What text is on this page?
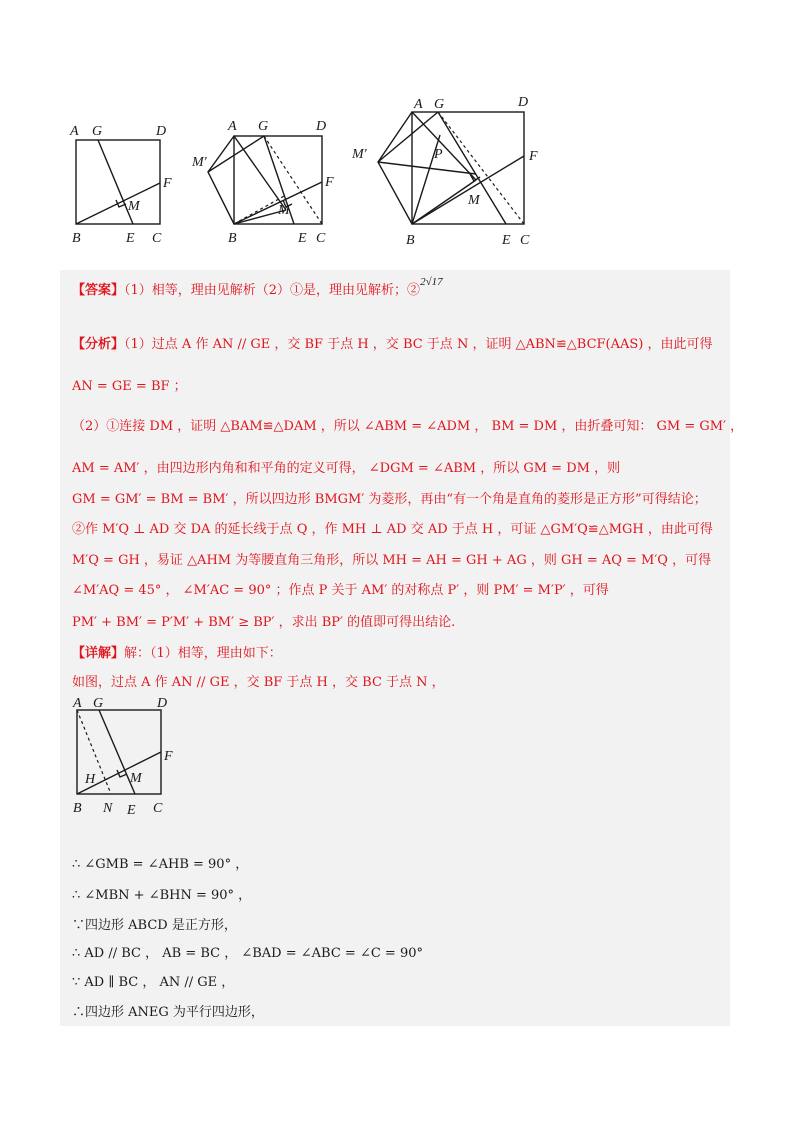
A G	D
F
M
B	E C
A G	D
M′
F
M
B	E C
A G	D
M′	P	F
M
B	E C
【答案】（1）相等，理由见解析（2）①是，理由见解析；②$^{2√17}$
【分析】（1）过点 A 作 AN // GE ，交 BF 于点 H ，交 BC 于点 N ，证明 △ABN≌△BCF(AAS) ，由此可得
AN = GE = BF ；
（2）①连接 DM ，证明 △BAM≌△DAM ，所以 ∠ABM = ∠ADM ， BM = DM ，由折叠可知： GM = GM′ ，
AM = AM′ ，由四边形内角和和平角的定义可得， ∠DGM = ∠ABM ，所以 GM = DM ，则
GM = GM′ = BM = BM′ ，所以四边形 BMGM′ 为菱形，再由“有一个角是直角的菱形是正方形”可得结论；
②作 M′Q ⊥ AD 交 DA 的延长线于点 Q ，作 MH ⊥ AD 交 AD 于点 H ，可证 △GM′Q≌△MGH ，由此可得
M′Q = GH ，易证 △AHM 为等腰直角三角形，所以 MH = AH = GH + AG ，则 GH = AQ = M′Q ，可得
∠M′AQ = 45° ， ∠M′AC = 90° ；作点 P 关于 AM′ 的对称点 P′ ，则 PM′ = M′P′ ，可得
PM′ + BM′ = P′M′ + BM′ ≥ BP′ ，求出 BP′ 的值即可得出结论.
【详解】解：（1）相等，理由如下：
如图，过点 A 作 AN // GE ，交 BF 于点 H ，交 BC 于点 N ，
A G	D
F
H M
B N E C
∴ ∠GMB = ∠AHB = 90° ，
∴ ∠MBN + ∠BHN = 90° ，
∵四边形 ABCD 是正方形，
∴ AD // BC ， AB = BC ， ∠BAD = ∠ABC = ∠C = 90°
∵ AD ∥ BC ， AN // GE ，
∴四边形 ANEG 为平行四边形，
